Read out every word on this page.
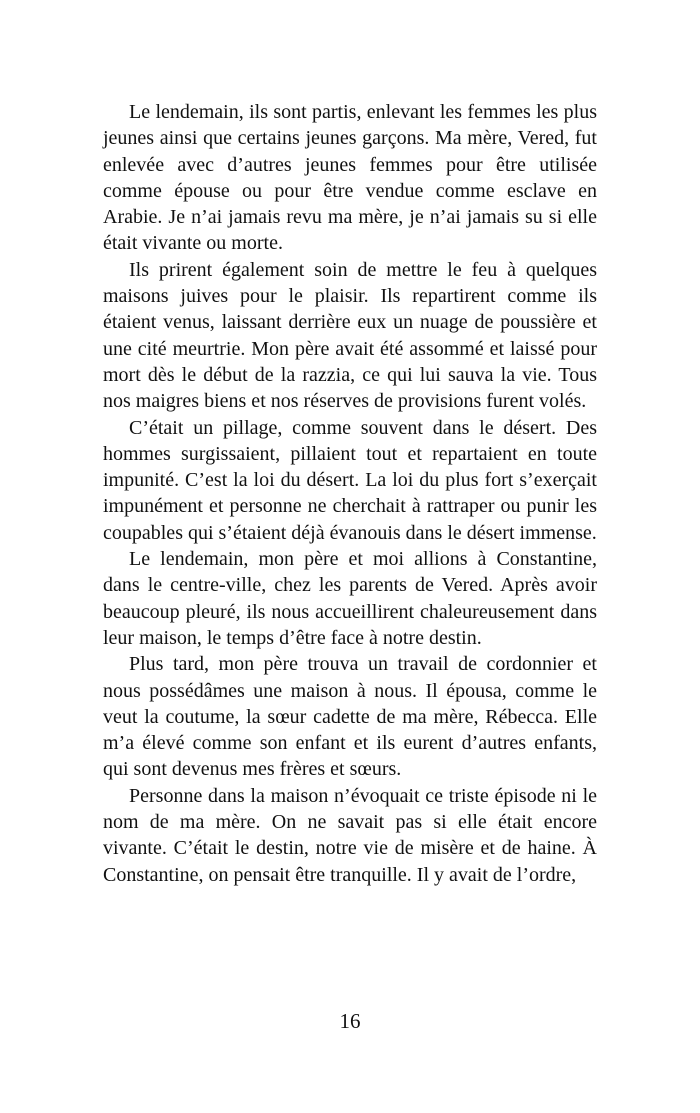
Le lendemain, ils sont partis, enlevant les femmes les plus jeunes ainsi que certains jeunes garçons. Ma mère, Vered, fut enlevée avec d’autres jeunes femmes pour être utilisée comme épouse ou pour être vendue comme esclave en Arabie. Je n’ai jamais revu ma mère, je n’ai jamais su si elle était vivante ou morte.

Ils prirent également soin de mettre le feu à quelques maisons juives pour le plaisir. Ils repartirent comme ils étaient venus, laissant derrière eux un nuage de poussière et une cité meurtrie. Mon père avait été assommé et laissé pour mort dès le début de la razzia, ce qui lui sauva la vie. Tous nos maigres biens et nos réserves de provisions furent volés.

C’était un pillage, comme souvent dans le désert. Des hommes surgissaient, pillaient tout et repartaient en toute impunité. C’est la loi du désert. La loi du plus fort s’exerçait impunément et personne ne cherchait à rattraper ou punir les coupables qui s’étaient déjà évanouis dans le désert immense.

Le lendemain, mon père et moi allions à Constantine, dans le centre-ville, chez les parents de Vered. Après avoir beaucoup pleuré, ils nous accueillirent chaleureusement dans leur maison, le temps d’être face à notre destin.

Plus tard, mon père trouva un travail de cordonnier et nous possédâmes une maison à nous. Il épousa, comme le veut la coutume, la sœur cadette de ma mère, Rébecca. Elle m’a élevé comme son enfant et ils eurent d’autres enfants, qui sont devenus mes frères et sœurs.

Personne dans la maison n’évoquait ce triste épisode ni le nom de ma mère. On ne savait pas si elle était encore vivante. C’était le destin, notre vie de misère et de haine. À Constantine, on pensait être tranquille. Il y avait de l’ordre,

16
